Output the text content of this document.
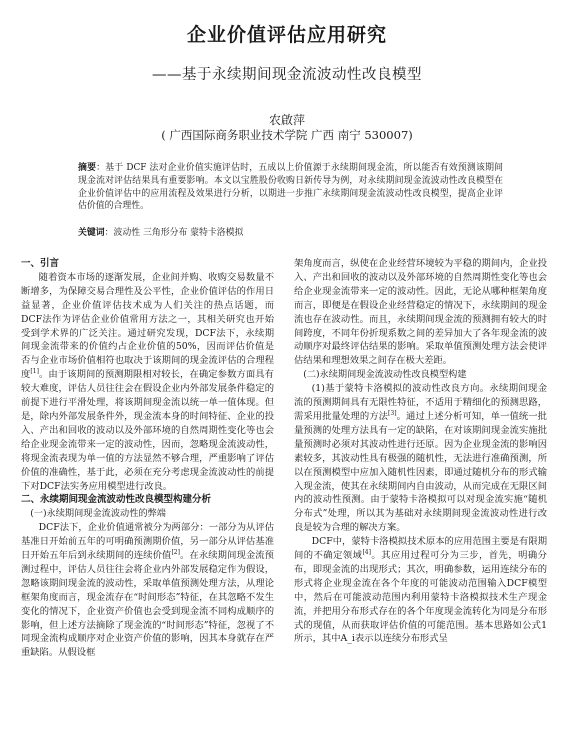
企业价值评估应用研究
——基于永续期间现金流波动性改良模型
农啟萍
( 广西国际商务职业技术学院 广西 南宁 530007)
摘要：基于 DCF 法对企业价值实施评估时，五成以上价值源于永续期间现金流，所以能否有效预测该期间现金流对评估结果具有重要影响。本文以宝胜股份收购日新传导为例，对永续期间现金流波动性改良模型在企业价值评估中的应用流程及效果进行分析，以期进一步推广永续期间现金流波动性改良模型，提高企业评估价值的合理性。
关键词：波动性 三角形分布 蒙特卡洛模拟
一、引言

随着资本市场的逐渐发展，企业间并购、收购交易数量不断增多，为保障交易合理性及公平性，企业价值评估的作用日益显著，企业价值评估技术成为人们关注的热点话题，而DCF法作为评估企业价值常用方法之一，其相关研究也开始受到学术界的广泛关注。通过研究发现，DCF法下，永续期间现金流带来的价值约占企业价值的50%，因而评估价值是否与企业市场价值相符也取决于该期间的现金流评估的合理程度[1]。由于该期间的预测期限相对较长，在确定参数方面具有较大难度，评估人员往往会在假设企业内外部发展条件稳定的前提下进行平滑处理，将该期间现金流以统一单一值体现。但是，除内外部发展条件外，现金流本身的时间特征、企业的投入、产出和回收的波动以及外部环境的自然周期性变化等也会给企业现金流带来一定的波动性，因而，忽略现金流波动性，将现金流表现为单一值的方法显然不够合理，严重影响了评估价值的准确性，基于此，必须在充分考虑现金流波动性的前提下对DCF法实务应用模型进行改良。

二、永续期间现金流波动性改良模型构建分析
(一)永续期间现金流波动性的弊端

DCF法下，企业价值通常被分为两部分：一部分为从评估基准日开始前五年的可明确预测期价值，另一部分从评估基准日开始五年后到永续期间的连续价值[2]。在永续期间现金流预测过程中，评估人员往往会将企业内外部发展稳定作为假设，忽略该期间现金流的波动性，采取单值预测处理方法，从理论框架角度而言，现金流存在“时间形态”特征，在其忽略不发生变化的情况下，企业资产价值也会受到现金流不同构成顺序的影响，但上述方法摘除了现金流的“时间形态”特征，忽视了不同现金流构成顺序对企业资产价值的影响，因其本身就存在严重缺陷。从假设框

架角度而言，纵使在企业经营环境较为平稳的期间内，企业投入、产出和回收的波动以及外部环境的自然周期性变化等也会给企业现金流带来一定的波动性。因此，无论从哪种框架角度而言，即便是在假设企业经营稳定的情况下，永续期间的现金流也存在波动性。而且，永续期间现金流的预测拥有较大的时间跨度，不同年份折现系数之间的差异加大了各年现金流的波动顺序对最终评估结果的影响。采取单值预测处理方法会使评估结果和理想效果之间存在极大差距。

(二)永续期间现金流波动性改良模型构建

(1)基于蒙特卡洛模拟的波动性改良方向。永续期间现金流的预测期间具有无限性特征，不适用于精细化的预测思路，需采用批量处理的方法[3]。通过上述分析可知，单一值统一批量预测的处理方法具有一定的缺陷，在对该期间现金流实施批量预测时必须对其波动性进行还原。因为企业现金流的影响因素较多，其波动性具有极强的随机性，无法进行准确预测，所以在预测模型中应加入随机性因素，即通过随机分布的形式输入现金流，使其在永续期间内自由波动，从而完成在无限区间内的波动性预测。由于蒙特卡洛模拟可以对现金流实施“随机分布式”处理，所以其为基础对永续期间现金流波动性进行改良是较为合理的解决方案。

DCF中，蒙特卡洛模拟技术原本的应用范围主要是有限期间的不确定领域[4]。其应用过程可分为三步，首先，明确分布，即现金流的出现形式；其次，明确参数，运用连续分布的形式将企业现金流在各个年度的可能波动范围输入DCF模型中，然后在可能波动范围内利用蒙特卡洛模拟技术生产现金流，并把用分布形式存在的各个年度现金流转化为同是分布形式的现值，从而获取评估价值的可能范围。基本思路如公式1所示，其中A_i表示以连续分布形式呈
